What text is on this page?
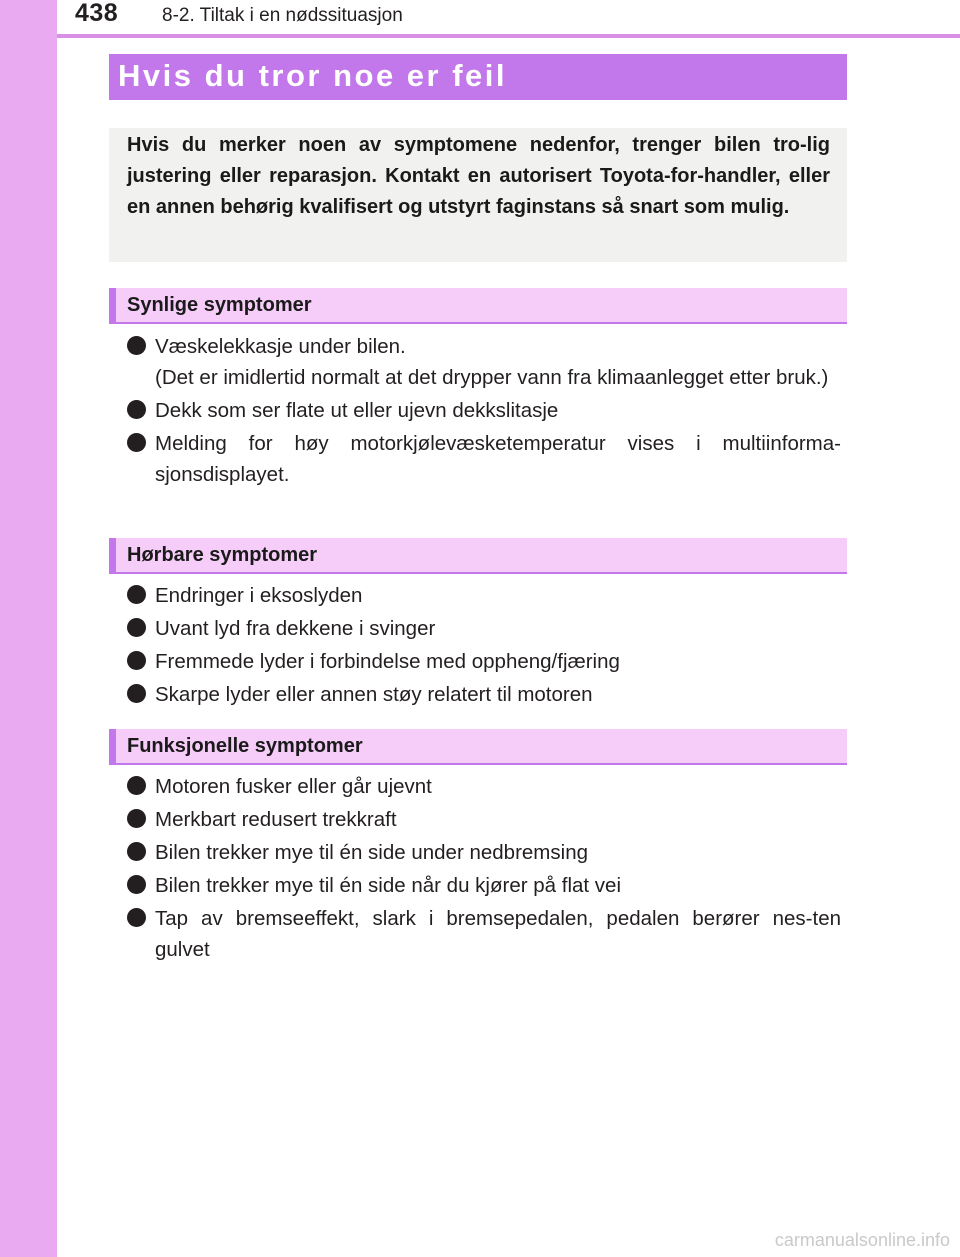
438 8-2. Tiltak i en nødssituasjon
Hvis du tror noe er feil

Hvis du merker noen av symptomene nedenfor, trenger bilen tro-lig justering eller reparasjon. Kontakt en autorisert Toyota-for-handler, eller en annen behørig kvalifisert og utstyrt faginstans så snart som mulig.

Synlige symptomer
Væskelekkasje under bilen.
(Det er imidlertid normalt at det drypper vann fra klimaanlegget etter bruk.)
Dekk som ser flate ut eller ujevn dekkslitasje
Melding for høy motorkjølevæsketemperatur vises i multiinforma-sjonsdisplayet.
Hørbare symptomer
Endringer i eksoslyden
Uvant lyd fra dekkene i svinger
Fremmede lyder i forbindelse med oppheng/fjæring
Skarpe lyder eller annen støy relatert til motoren
Funksjonelle symptomer
Motoren fusker eller går ujevnt
Merkbart redusert trekkraft
Bilen trekker mye til én side under nedbremsing
Bilen trekker mye til én side når du kjører på flat vei
Tap av bremseeffekt, slark i bremsepedalen, pedalen berører nes-ten gulvet
carmanualsonline.info
